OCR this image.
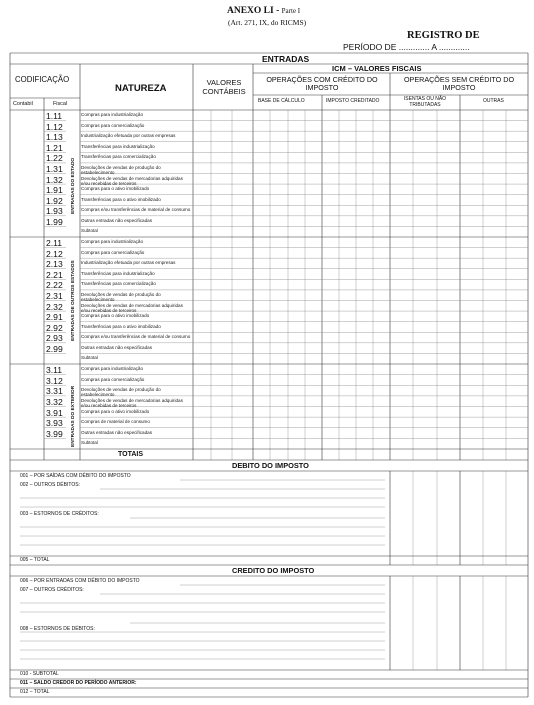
ANEXO LI - Parte I
(Art. 271, IX, do RICMS)
REGISTRO DE
PERÍODO DE ............. A .............
ENTRADAS
CODIFICAÇÃO
Contabil	Fiscal
NATUREZA
VALORES
CONTÁBEIS
ICM – VALORES FISCAIS
OPERAÇÕES COM CRÉDITO DO
IMPOSTO
OPERAÇÕES SEM CRÉDITO DO
IMPOSTO
BASE DE CÁLCULO	IMPOSTO CREDITADO	ISENTAS OU NÃO
TRIBUTADAS
OUTRAS
ENTRADAS DO ESTADO
1.11	Compras para industrialização
1.12	Compras para comercialização
1.13	Industrialização efetuada por outras empresas
1.21	Transferências para industrialização
1.22	Transferências para comercialização
1.31	Devoluções de vendas de produção do estabelecimento
1.32	Devoluções de vendas de mercadorias adquiridas e/ou recebidas de terceiros
1.91	Compras para o ativo imobilizado
1.92	Transferências para o ativo imobilizado
1.93	Compras e/ou transferências de material de consumo
1.99	Outras entradas não especificadas
Subtotal
ENTRADAS DE OUTROS ESTADOS
2.11	Compras para industrialização
2.12	Compras para comercialização
2.13	Industrialização efetuada por outras empresas
2.21	Transferências para industrialização
2.22	Transferências para comercialização
2.31	Devoluções de vendas de produção do estabelecimento
2.32	Devoluções de vendas de mercadorias adquiridas e/ou recebidas de terceiros
2.91	Compras para o ativo imobilizado
2.92	Transferências para o ativo imobilizado
2.93	Compras e/ou transferências de material de consumo
2.99	Outras entradas não especificadas
Subtotal
ENTRADAS DO EXTERIOR
3.11	Compras para industrialização
3.12	Compras para comercialização
3.31	Devoluções de vendas de produção do estabelecimento
3.32	Devoluções de vendas de mercadorias adquiridas e/ou recebidas de terceiros
3.91	Compras para o ativo imobilizado
3.93	Compras de material de consumo
3.99	Outras entradas não especificadas
Subtotal
TOTAIS
DEBITO DO IMPOSTO
001 – POR SAÍDAS COM DÉBITO DO IMPOSTO
002 – OUTROS DÉBITOS:
003 – ESTORNOS DE CRÉDITOS:
005 – TOTAL
CREDITO DO IMPOSTO
006 – POR ENTRADAS COM DÉBITO DO IMPOSTO
007 – OUTROS CRÉDITOS:
008 – ESTORNOS DE DÉBITOS:
010 - SUBTOTAL
011 – SALDO CREDOR DO PERÍODO ANTERIOR:
012 – TOTAL
